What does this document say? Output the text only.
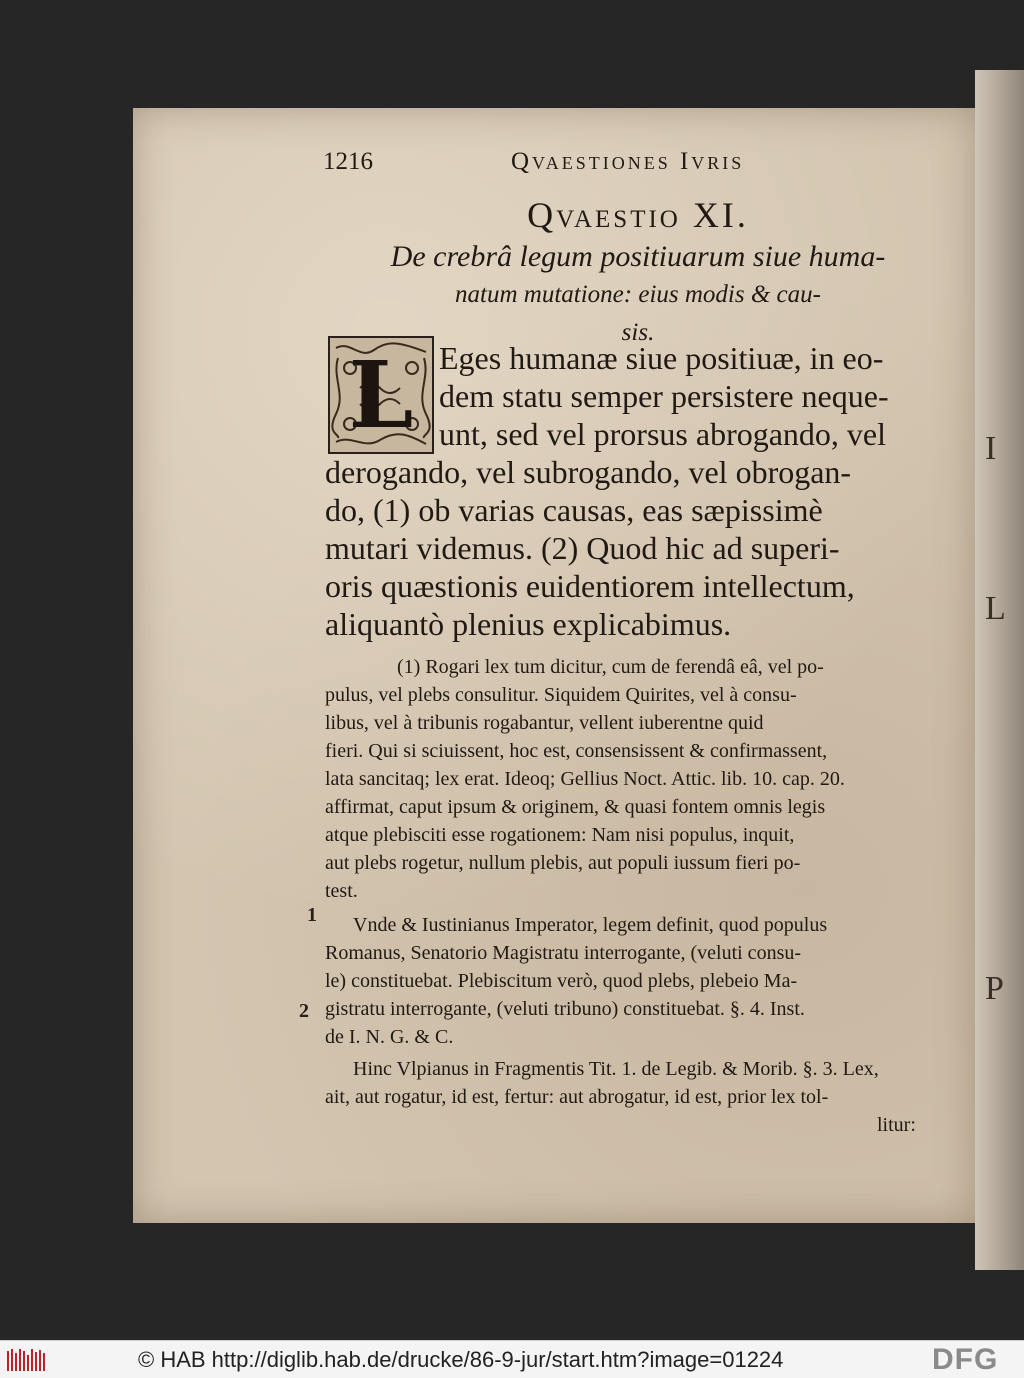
I
L
P
1216	Qvaestiones Ivris
Qvaestio XI.
De crebrâ legum positiuarum siue huma-
natum mutatione: eius modis & cau-
sis.
L Eges humanæ siue positiuæ, in eo-
dem statu semper persistere neque-
unt, sed vel prorsus abrogando, vel
derogando, vel subrogando, vel obrogan-
do, (1) ob varias causas, eas sæpissimè
mutari videmus. (2) Quod hic ad superi-
oris quæstionis euidentiorem intellectum,
aliquantò plenius explicabimus.
(1) Rogari lex tum dicitur, cum de ferendâ eâ, vel po-
pulus, vel plebs consulitur. Siquidem Quirites, vel à consu-
libus, vel à tribunis rogabantur, vellent iuberentne quid
fieri. Qui si sciuissent, hoc est, consensissent & confirmassent,
lata sancitaq; lex erat. Ideoq; Gellius Noct. Attic. lib. 10. cap. 20.
affirmat, caput ipsum & originem, & quasi fontem omnis legis
atque plebisciti esse rogationem: Nam nisi populus, inquit,
aut plebs rogetur, nullum plebis, aut populi iussum fieri po-
test.
Vnde & Iustinianus Imperator, legem definit, quod populus
Romanus, Senatorio Magistratu interrogante, (veluti consu-
le) constituebat. Plebiscitum verò, quod plebs, plebeio Ma-
gistratu interrogante, (veluti tribuno) constituebat. §. 4. Inst.
de I. N. G. & C.
Hinc Vlpianus in Fragmentis Tit. 1. de Legib. & Morib. §. 3. Lex,
ait, aut rogatur, id est, fertur: aut abrogatur, id est, prior lex tol-
litur:
1
2
© HAB http://diglib.hab.de/drucke/86-9-jur/start.htm?image=01224	DFG
